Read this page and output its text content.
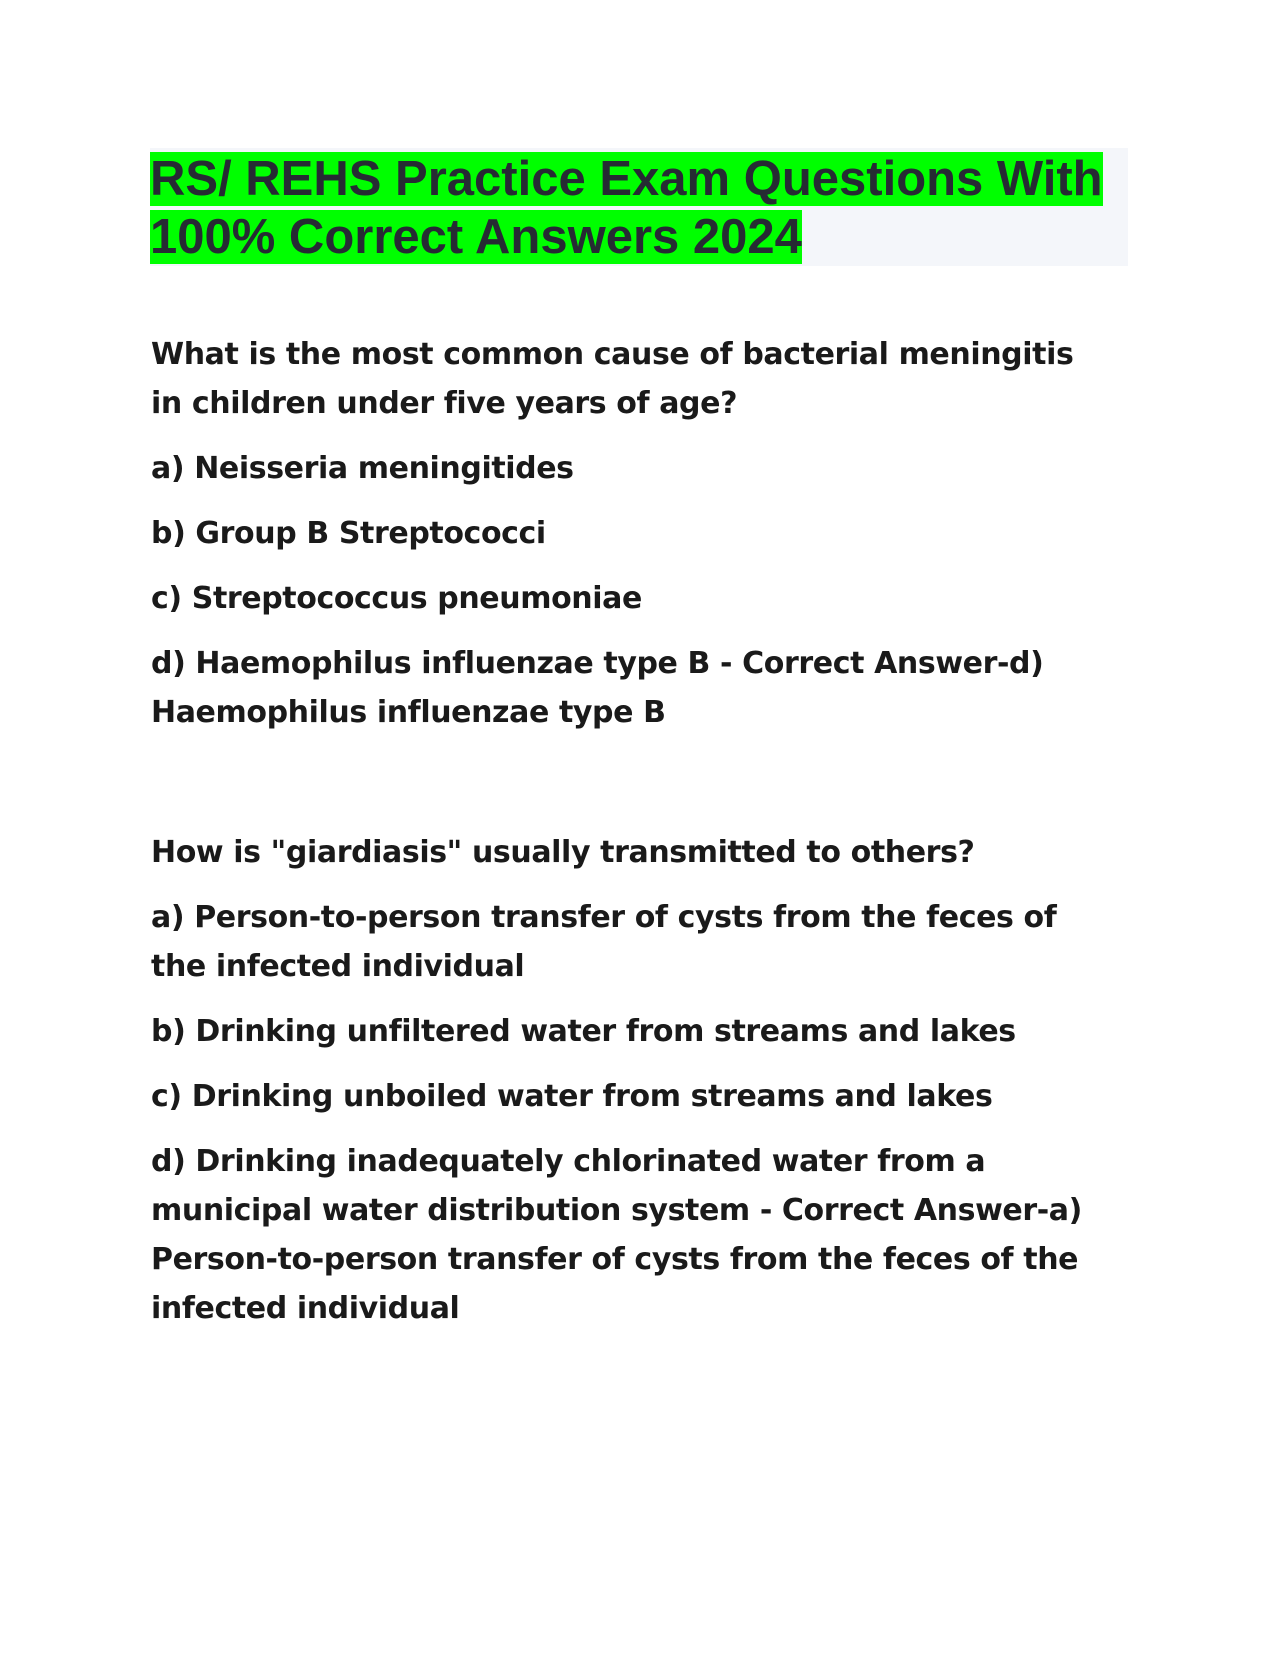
RS/ REHS Practice Exam Questions With
100% Correct Answers 2024

What is the most common cause of bacterial meningitis in children under five years of age?

a) Neisseria meningitides

b) Group B Streptococci

c) Streptococcus pneumoniae

d) Haemophilus influenzae type B - Correct Answer-d) Haemophilus influenzae type B

How is "giardiasis" usually transmitted to others?

a) Person-to-person transfer of cysts from the feces of the infected individual

b) Drinking unfiltered water from streams and lakes

c) Drinking unboiled water from streams and lakes

d) Drinking inadequately chlorinated water from a municipal water distribution system - Correct Answer-a) Person-to-person transfer of cysts from the feces of the infected individual
